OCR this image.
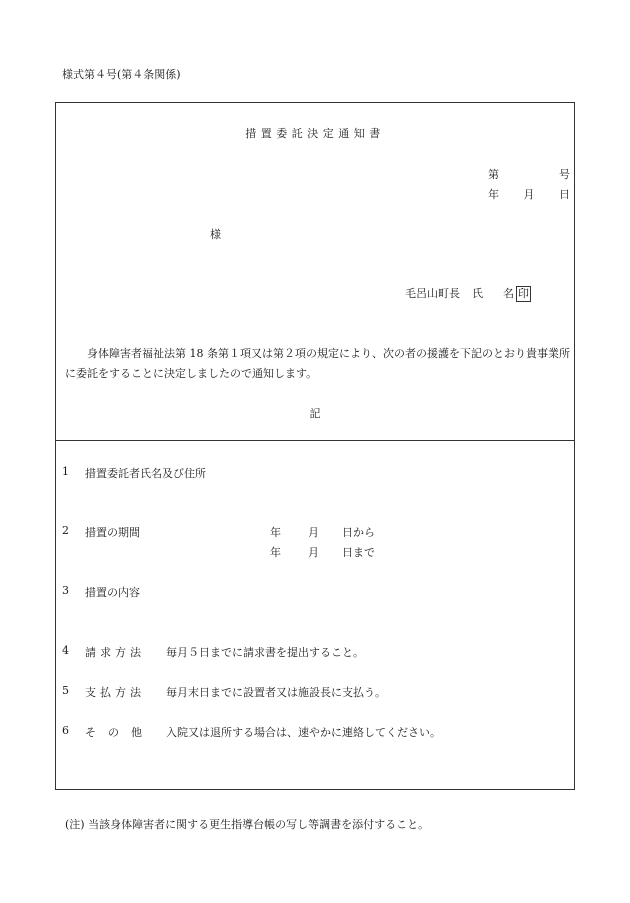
様式第４号(第４条関係)
措置委託決定通知書
第	号
年 月 日
様
毛呂山町長 氏 名 印
身体障害者福祉法第 18 条第１項又は第２項の規定により、次の者の援護を下記のとおり貴事業所に委託をすることに決定しましたので通知します。
記
1 措置委託者氏名及び住所
2 措置の期間	年 月 日から
年 月 日まで
3 措置の内容
4 請求方法 毎月５日までに請求書を提出すること。
5 支払方法 毎月末日までに設置者又は施設長に支払う。
6 その他 入院又は退所する場合は、速やかに連絡してください。
(注) 当該身体障害者に関する更生指導台帳の写し等調書を添付すること。
